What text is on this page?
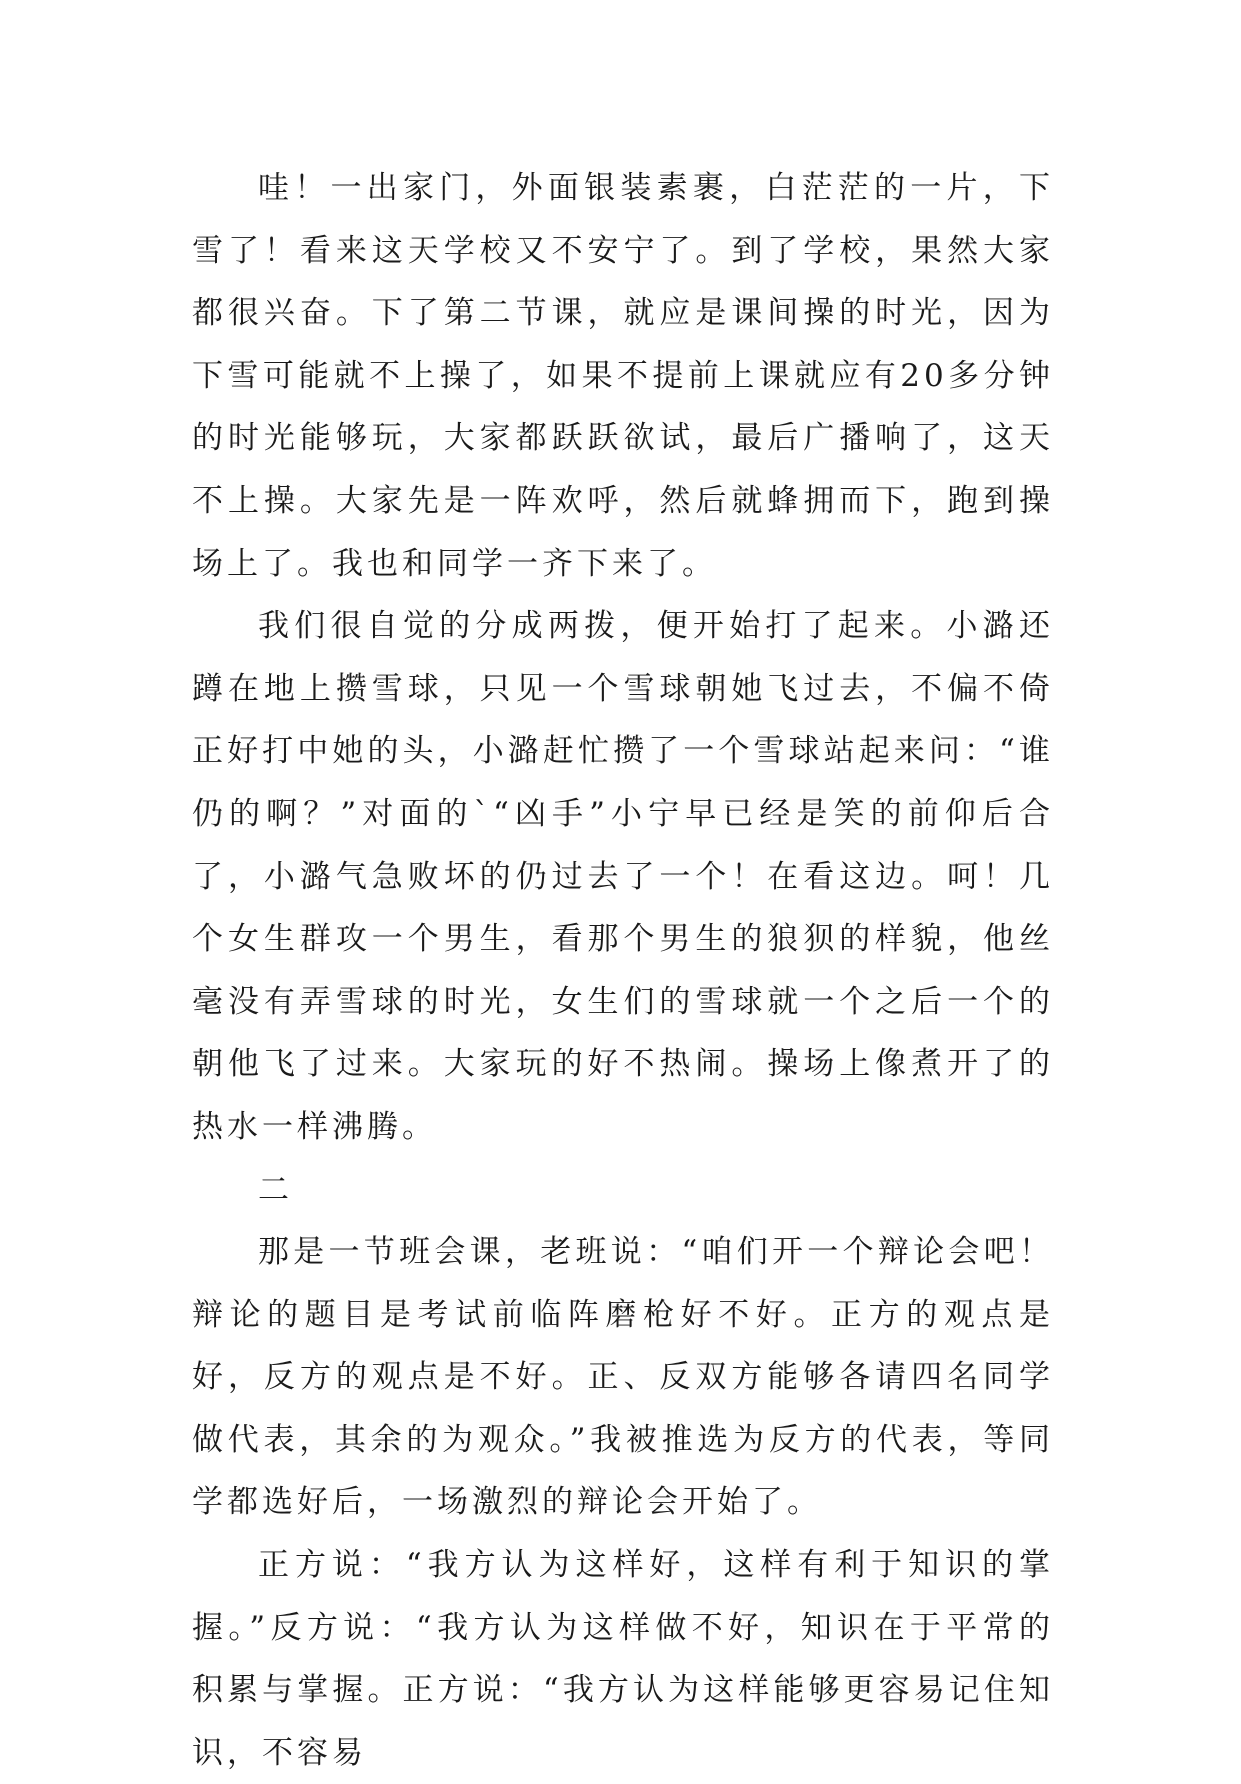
哇！一出家门，外面银装素裹，白茫茫的一片，下雪了！看来这天学校又不安宁了。到了学校，果然大家都很兴奋。下了第二节课，就应是课间操的时光，因为下雪可能就不上操了，如果不提前上课就应有20多分钟的时光能够玩，大家都跃跃欲试，最后广播响了，这天不上操。大家先是一阵欢呼，然后就蜂拥而下，跑到操场上了。我也和同学一齐下来了。

我们很自觉的分成两拨，便开始打了起来。小潞还蹲在地上攒雪球，只见一个雪球朝她飞过去，不偏不倚正好打中她的头，小潞赶忙攒了一个雪球站起来问：“谁仍的啊？”对面的`“凶手”小宁早已经是笑的前仰后合了，小潞气急败坏的仍过去了一个！在看这边。呵！几个女生群攻一个男生，看那个男生的狼狈的样貌，他丝毫没有弄雪球的时光，女生们的雪球就一个之后一个的朝他飞了过来。大家玩的好不热闹。操场上像煮开了的热水一样沸腾。

二

那是一节班会课，老班说：“咱们开一个辩论会吧！辩论的题目是考试前临阵磨枪好不好。正方的观点是好，反方的观点是不好。正、反双方能够各请四名同学做代表，其余的为观众。”我被推选为反方的代表，等同学都选好后，一场激烈的辩论会开始了。

正方说：“我方认为这样好，这样有利于知识的掌握。”反方说：“我方认为这样做不好，知识在于平常的积累与掌握。正方说：“我方认为这样能够更容易记住知识，不容易
